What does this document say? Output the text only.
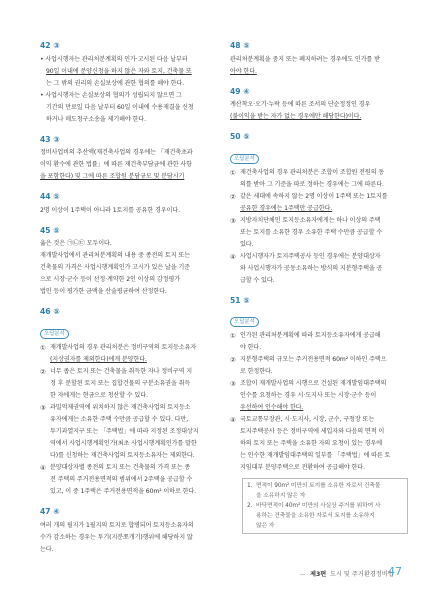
42 ③

• 사업시행자는 관리처분계획의 인가·고시된 다음 날부터

90일 이내에 분양신청을 하지 않은 자와 토지, 건축물 또

는 그 밖의 권리의 손실보상에 관한 협의를 해야 한다.

• 사업시행자는 손실보상의 협의가 성립되지 않으면 그

기간의 만료일 다음 날부터 60일 이내에 수용재결을 신청

하거나 매도청구소송을 제기해야 한다.

43 ③

정비사업비의 추산액(재건축사업의 경우에는 「재건축초과

이익 환수에 관한 법률」에 따른 재건축부담금에 관한 사항

을 포함한다) 및 그에 따른 조합원 분담규모 및 분담시기

44 ⑤

2명 이상이 1주택이 아니라 1토지를 공유한 경우이다.

45 ⑤

옳은 것은 ㉠㉡㉢ 모두이다.

재개발사업에서 관리처분계획의 내용 중 종전의 토지 또는

건축물의 가격은 사업시행계획인가 고시가 있은 날을 기준

으로 시장·군수 등이 선정·계약한 2인 이상의 감정평가

법인 등이 평가한 금액을 산술평균하여 산정한다.

46 ⑤
오답분석
① 재개발사업의 경우 관리처분은 정비구역의 토지등소유자
(지상권자를 제외한다)에게 분양한다.
② 너무 좁은 토지 또는 건축물을 취득한 자나 정비구역 지
정 후 분할된 토지 또는 집합건물의 구분소유권을 취득
한 자에게는 현금으로 청산할 수 있다.
③ 과밀억제권역에 위치하지 않은 재건축사업의 토지등소
유자에게는 소유한 주택 수만큼 공급할 수 있다. 다만,
투기과열지구 또는 「주택법」에 따라 지정된 조정대상지
역에서 사업시행계획인가(최초 사업시행계획인가를 말한
다)를 신청하는 재건축사업의 토지등소유자는 제외한다.
④ 분양대상자별 종전의 토지 또는 건축물의 가격 또는 종
전 주택의 주거전용면적의 범위에서 2주택을 공급할 수
있고, 이 중 1주택은 주거전용면적을 60m² 이하로 한다.
47 ④

여러 개의 필지가 1필지의 토지로 합병되어 토지등소유자의

수가 감소하는 경우는 투기(지분쪼개기)행위에 해당하지 않

는다.

48 ⑤

관리처분계획을 중지 또는 폐지하려는 경우에도 인가를 받

아야 한다.

49 ④

계산착오·오기·누락 등에 따른 조서의 단순정정인 경우

(불이익을 받는 자가 없는 경우에만 해당한다)이다.

50 ⑤
오답분석
① 재건축사업의 경우 관리처분은 조합이 조합원 전원의 동
의를 받아 그 기준을 따로 정하는 경우에는 그에 따른다.
② 같은 세대에 속하지 않는 2명 이상이 1주택 또는 1토지를
공유한 경우에는 1주택만 공급한다.
③ 지방자치단체인 토지등소유자에게는 하나 이상의 주택
또는 토지를 소유한 경우 소유한 주택 수만큼 공급할 수
있다.
④ 사업시행자가 토지주택공사 등인 경우에는 분양대상자
와 사업시행자가 공동소유하는 방식의 지분형주택을 공
급할 수 있다.
51 ⑤
오답분석
① 인가된 관리처분계획에 따라 토지등소유자에게 공급해
야 한다.
② 지분형주택의 규모는 주거전용면적 60m² 이하인 주택으
로 한정한다.
③ 조합이 재개발사업의 시행으로 건설된 재개발임대주택의
인수를 요청하는 경우 시·도지사 또는 시장·군수 등이
우선하여 인수해야 한다.
④ 국토교통부장관, 시·도지사, 시장, 군수, 구청장 또는
토지주택공사 등은 정비구역에 세입자와 다음의 면적 이
하의 토지 또는 주택을 소유한 자의 요청이 있는 경우에
는 인수한 재개발임대주택의 일부를 「주택법」에 따른 토
지임대부 분양주택으로 전환하여 공급해야 한다.
1. 면적이 90m² 미만의 토지를 소유한 자로서 건축물
을 소유하지 않은 자
2. 바닥면적이 40m² 미만의 사실상 주거를 위하여 사
용하는 건축물을 소유한 자로서 토지를 소유하지
않은 자
제3편 도시 및 주거환경정비법
47
